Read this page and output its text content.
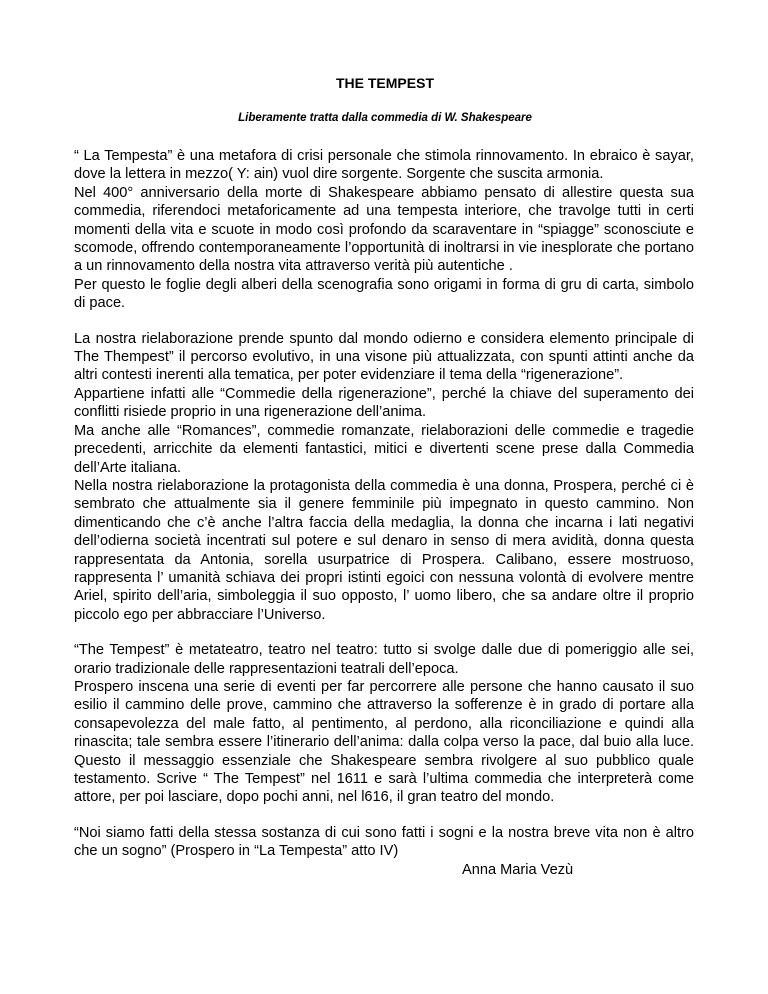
THE TEMPEST

Liberamente tratta dalla commedia di W. Shakespeare

“ La Tempesta” è una metafora di crisi personale che stimola rinnovamento. In ebraico è sayar, dove la lettera in mezzo( Y: ain) vuol dire sorgente. Sorgente che suscita armonia.

Nel 400° anniversario della morte di Shakespeare abbiamo pensato di allestire questa sua commedia, riferendoci metaforicamente ad una tempesta interiore, che travolge tutti in certi momenti della vita e scuote in modo così profondo da scaraventare in “spiagge” sconosciute e scomode, offrendo contemporaneamente l’opportunità di inoltrarsi in vie inesplorate che portano a un rinnovamento della nostra vita attraverso verità più autentiche .

Per questo le foglie degli alberi della scenografia sono origami in forma di gru di carta, simbolo di pace.

La nostra rielaborazione prende spunto dal mondo odierno e considera elemento principale di The Thempest” il percorso evolutivo, in una visone più attualizzata, con spunti attinti anche da altri contesti inerenti alla tematica, per poter evidenziare il tema della “rigenerazione”.

Appartiene infatti alle “Commedie della rigenerazione”, perché la chiave del superamento dei conflitti risiede proprio in una rigenerazione dell’anima.

Ma anche alle “Romances”, commedie romanzate, rielaborazioni delle commedie e tragedie precedenti, arricchite da elementi fantastici, mitici e divertenti scene prese dalla Commedia dell’Arte italiana.

Nella nostra rielaborazione la protagonista della commedia è una donna, Prospera, perché ci è sembrato che attualmente sia il genere femminile più impegnato in questo cammino. Non dimenticando che c’è anche l’altra faccia della medaglia, la donna che incarna i lati negativi dell’odierna società incentrati sul potere e sul denaro in senso di mera avidità, donna questa rappresentata da Antonia, sorella usurpatrice di Prospera. Calibano, essere mostruoso, rappresenta l’ umanità schiava dei propri istinti egoici con nessuna volontà di evolvere mentre Ariel, spirito dell’aria, simboleggia il suo opposto, l’ uomo libero, che sa andare oltre il proprio piccolo ego per abbracciare l’Universo.

“The Tempest” è metateatro, teatro nel teatro: tutto si svolge dalle due di pomeriggio alle sei, orario tradizionale delle rappresentazioni teatrali dell’epoca.

Prospero inscena una serie di eventi per far percorrere alle persone che hanno causato il suo esilio il cammino delle prove, cammino che attraverso la sofferenze è in grado di portare alla consapevolezza del male fatto, al pentimento, al perdono, alla riconciliazione e quindi alla rinascita; tale sembra essere l’itinerario dell’anima: dalla colpa verso la pace, dal buio alla luce. Questo il messaggio essenziale che Shakespeare sembra rivolgere al suo pubblico quale testamento. Scrive “ The Tempest” nel 1611 e sarà l’ultima commedia che interpreterà come attore, per poi lasciare, dopo pochi anni, nel l616, il gran teatro del mondo.

“Noi siamo fatti della stessa sostanza di cui sono fatti i sogni e la nostra breve vita non è altro che un sogno” (Prospero in “La Tempesta” atto IV)

Anna Maria Vezù
